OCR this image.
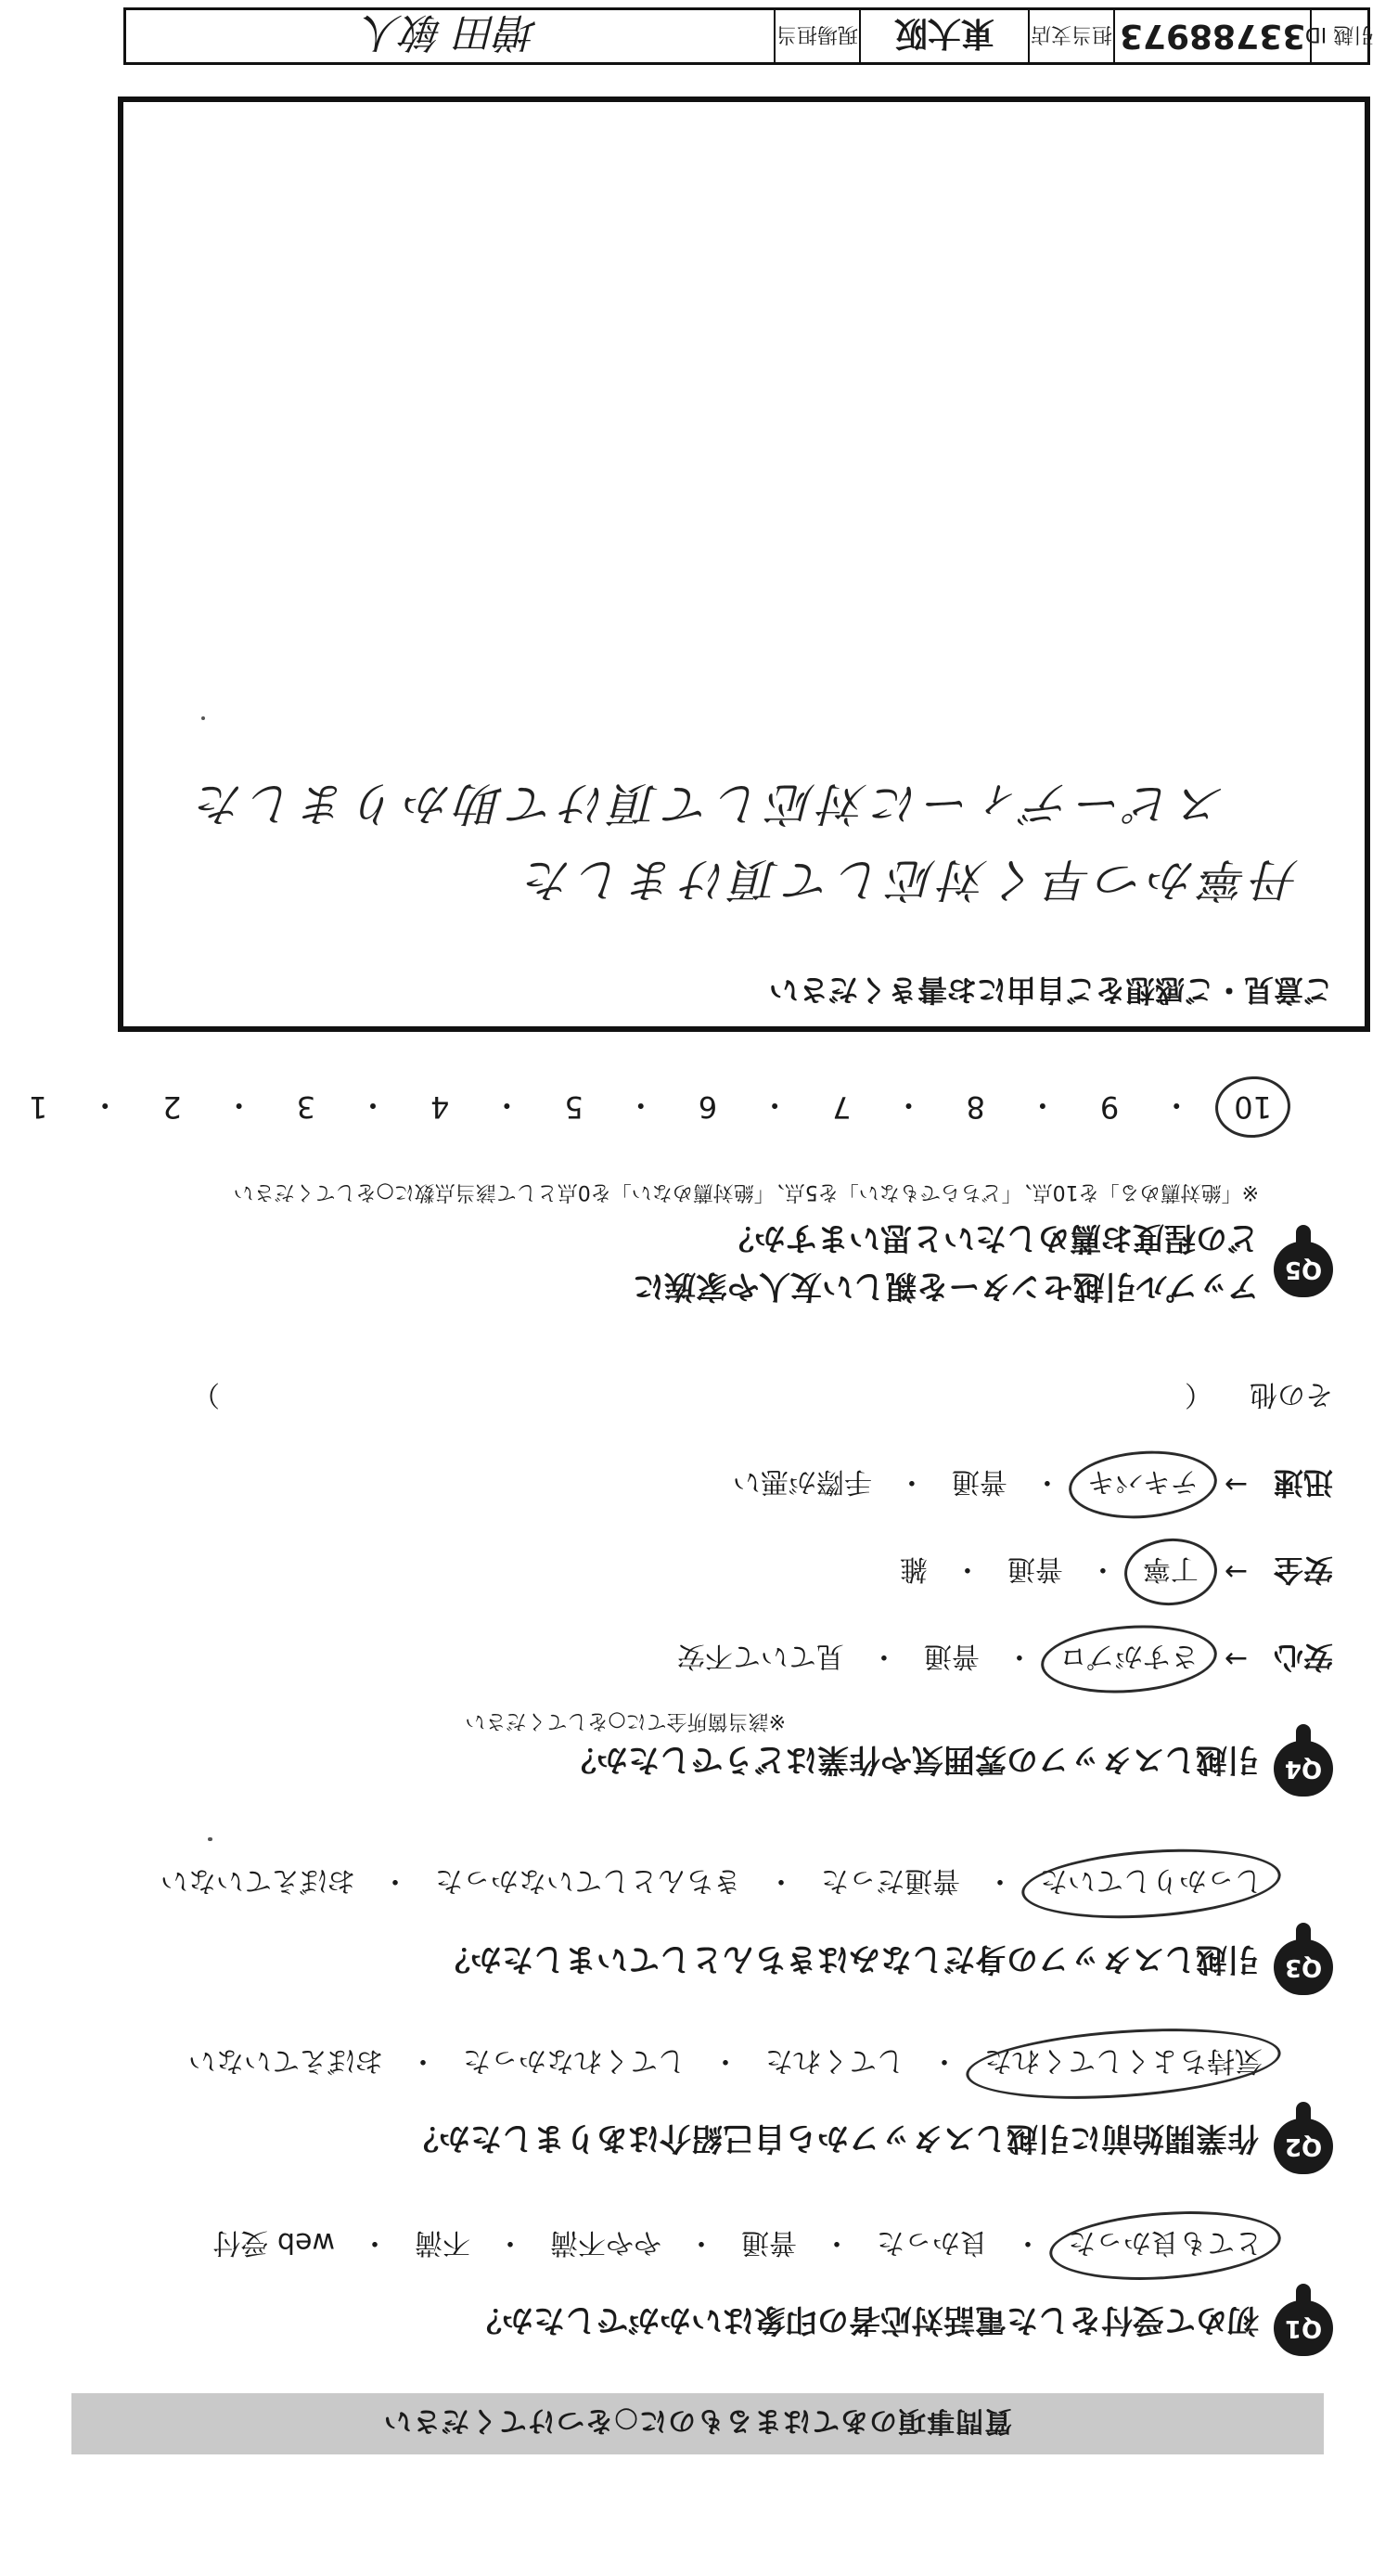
質問事項のあてはまるものに○をつけてください
Q1
初めて受付をした電話対応者の印象はいかがでしたか？
とても良かった
・
良かった
・
普通
・
やや不満
・
不満
・
web 受付
Q2
作業開始前に引越しスタッフから自己紹介はありましたか？
気持ちよくしてくれた
・
してくれた
・
してくれなかった
・
おぼえていない
Q3
引越しスタッフの身だしなみはきちんとしていましたか？
しっかりしていた
・
普通だった
・
きちんとしていなかった
・
おぼえていない
Q4
引越しスタッフの雰囲気や作業はどうでしたか？
※該当箇所全てに○をしてください
安心
→
さすがプロ
・
普通
・
見ていて不安
安全
→
丁寧
・
普通
・
雑
迅速
→
テキパキ
・
普通
・
手際が悪い
その他
（
）
Q5
アップル引越センターを親しい友人や家族に
どの程度お薦めしたいと思いますか？
※「絶対薦める」を10点、「どちらでもない」を5点、「絶対薦めない」を0点として該当点数に○をしてください
10
・
9
・
8
・
7
・
6
・
5
・
4
・
3
・
2
・
1
ご意見・ご感想をご自由にお書きください
丹寧かつ早く対応して頂けました
スピーディーに対応して頂けて助かりました
引越 ID
33788973
担当支店
東大阪
現場担当
増田 敏人
